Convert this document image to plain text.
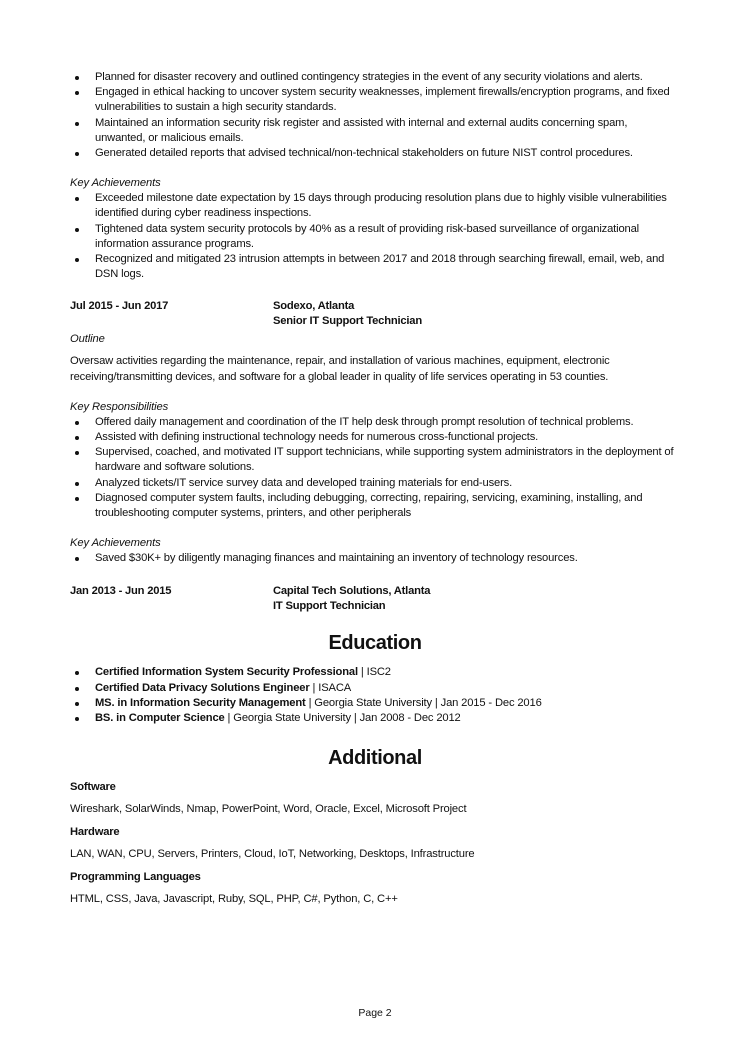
Planned for disaster recovery and outlined contingency strategies in the event of any security violations and alerts.
Engaged in ethical hacking to uncover system security weaknesses, implement firewalls/encryption programs, and fixed vulnerabilities to sustain a high security standards.
Maintained an information security risk register and assisted with internal and external audits concerning spam, unwanted, or malicious emails.
Generated detailed reports that advised technical/non-technical stakeholders on future NIST control procedures.
Key Achievements
Exceeded milestone date expectation by 15 days through producing resolution plans due to highly visible vulnerabilities identified during cyber readiness inspections.
Tightened data system security protocols by 40% as a result of providing risk-based surveillance of organizational information assurance programs.
Recognized and mitigated 23 intrusion attempts in between 2017 and 2018 through searching firewall, email, web, and DSN logs.
Jul 2015 - Jun 2017	Sodexo, Atlanta
Senior IT Support Technician
Outline
Oversaw activities regarding the maintenance, repair, and installation of various machines, equipment, electronic receiving/transmitting devices, and software for a global leader in quality of life services operating in 53 counties.
Key Responsibilities
Offered daily management and coordination of the IT help desk through prompt resolution of technical problems.
Assisted with defining instructional technology needs for numerous cross-functional projects.
Supervised, coached, and motivated IT support technicians, while supporting system administrators in the deployment of hardware and software solutions.
Analyzed tickets/IT service survey data and developed training materials for end-users.
Diagnosed computer system faults, including debugging, correcting, repairing, servicing, examining, installing, and troubleshooting computer systems, printers, and other peripherals
Key Achievements
Saved $30K+ by diligently managing finances and maintaining an inventory of technology resources.
Jan 2013 - Jun 2015	Capital Tech Solutions, Atlanta
IT Support Technician
Education
Certified Information System Security Professional | ISC2
Certified Data Privacy Solutions Engineer | ISACA
MS. in Information Security Management | Georgia State University | Jan 2015 - Dec 2016
BS. in Computer Science | Georgia State University | Jan 2008 - Dec 2012
Additional
Software
Wireshark, SolarWinds, Nmap, PowerPoint, Word, Oracle, Excel, Microsoft Project
Hardware
LAN, WAN, CPU, Servers, Printers, Cloud, IoT, Networking, Desktops, Infrastructure
Programming Languages
HTML, CSS, Java, Javascript, Ruby, SQL, PHP, C#, Python, C, C++
Page 2
